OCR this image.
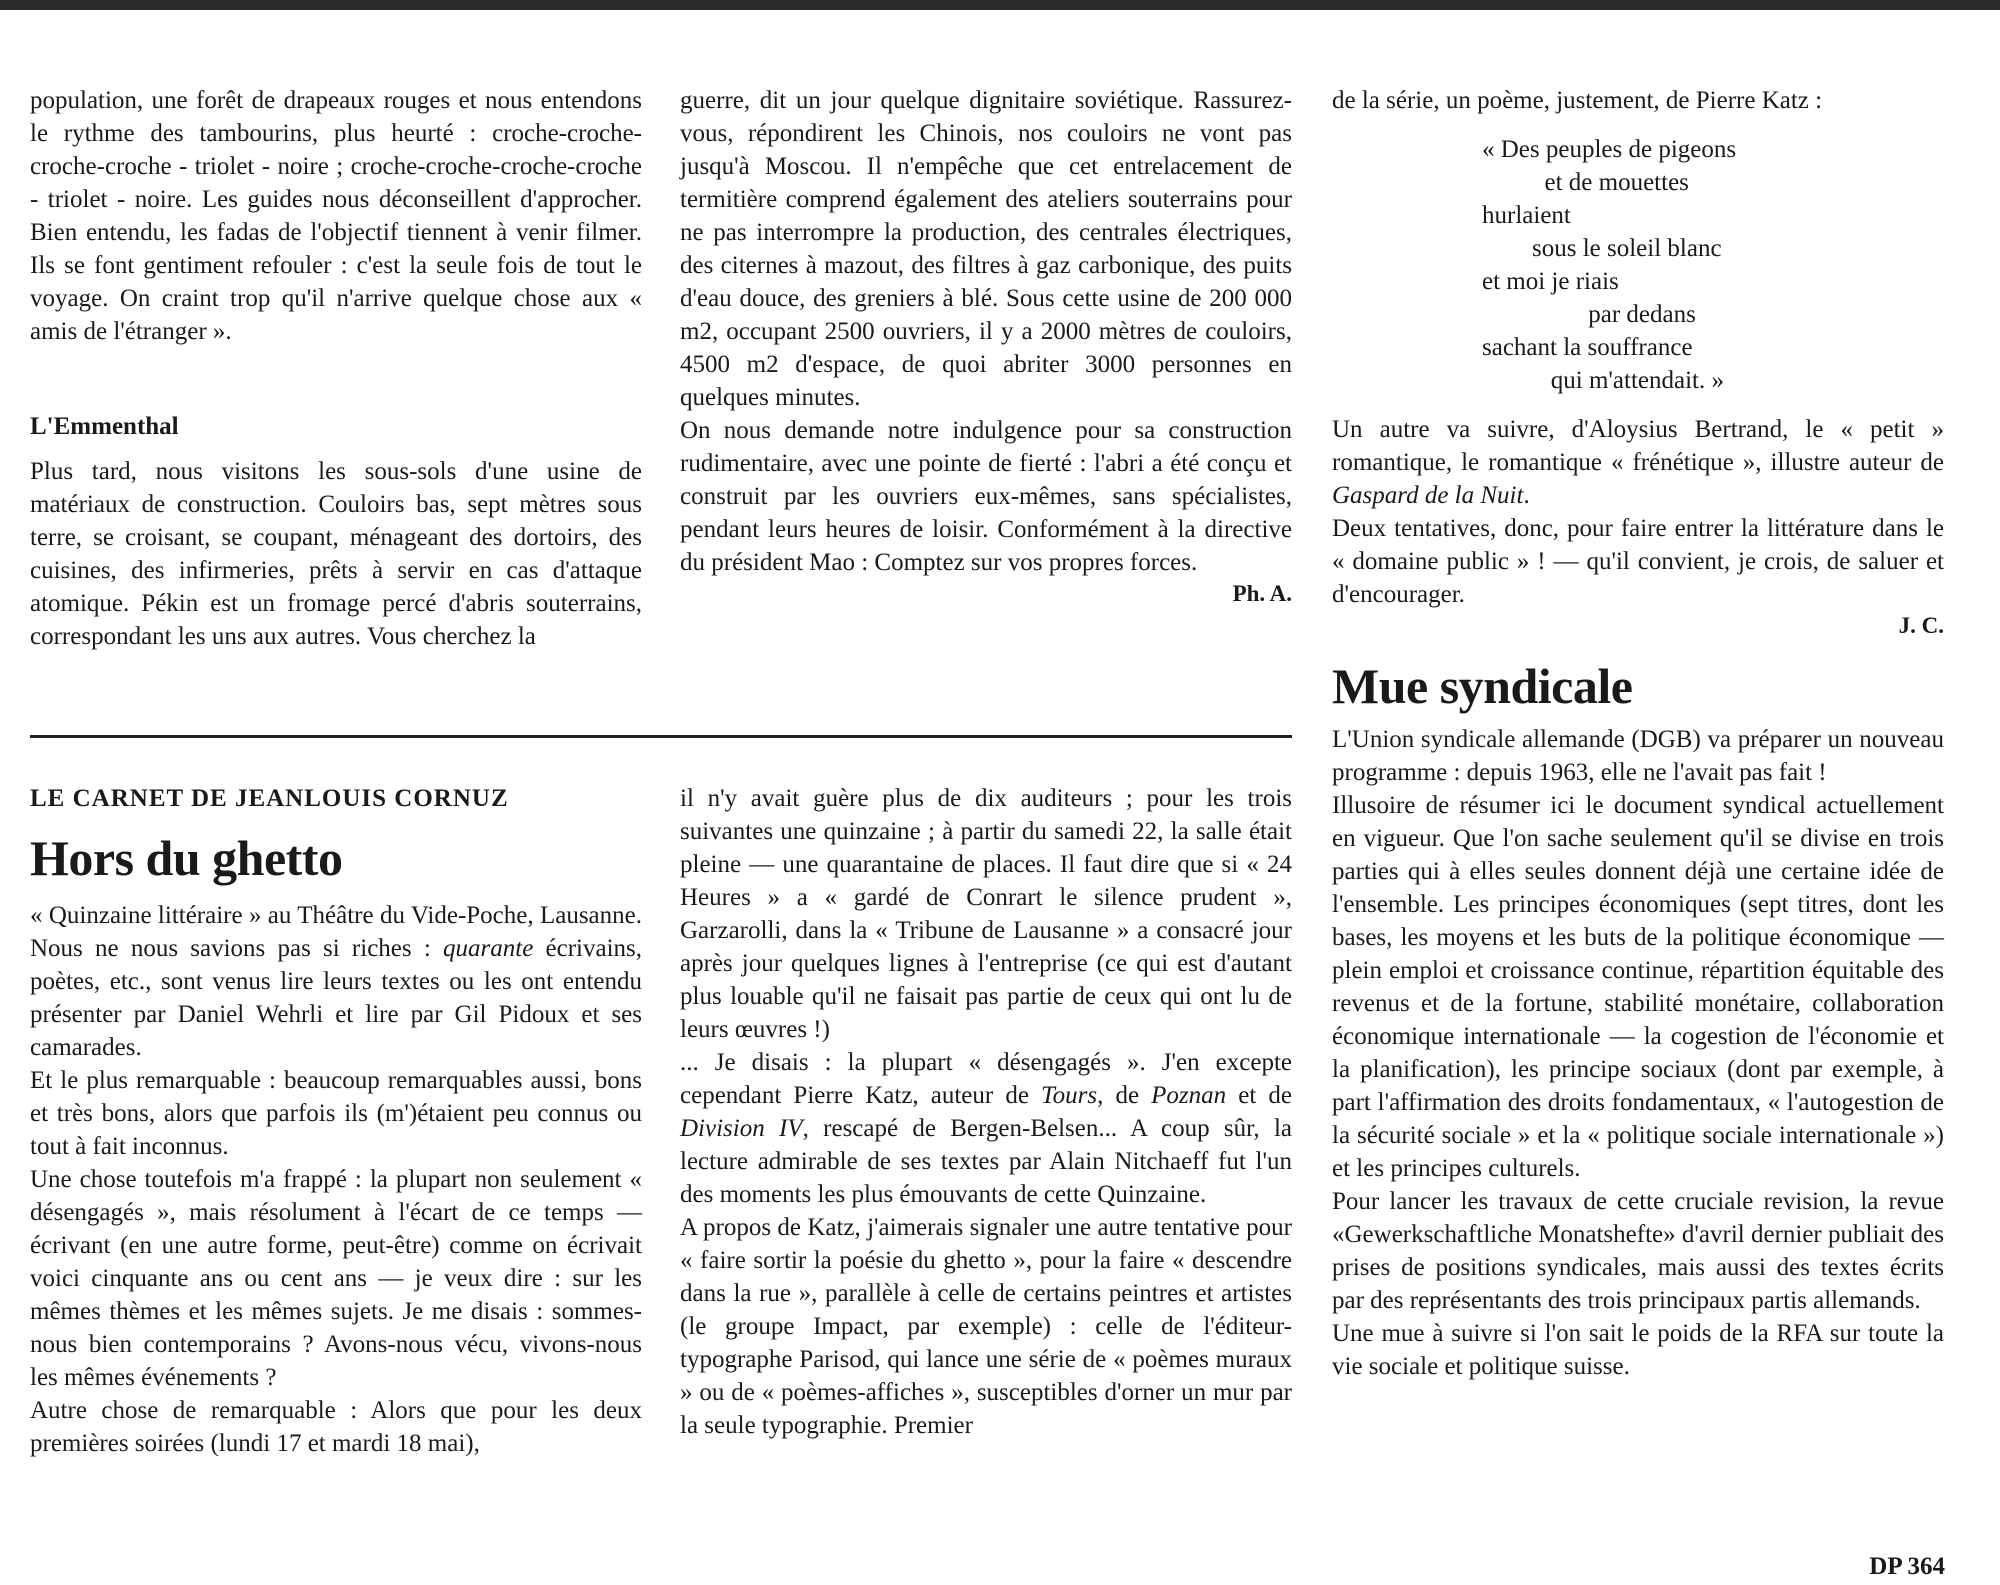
population, une forêt de drapeaux rouges et nous entendons le rythme des tambourins, plus heurté : croche-croche-croche-croche - triolet - noire ; croche-croche-croche-croche - triolet - noire. Les guides nous déconseillent d'approcher. Bien entendu, les fadas de l'objectif tiennent à venir filmer. Ils se font gentiment refouler : c'est la seule fois de tout le voyage. On craint trop qu'il n'arrive quelque chose aux « amis de l'étranger ».

L'Emmenthal

Plus tard, nous visitons les sous-sols d'une usine de matériaux de construction. Couloirs bas, sept mètres sous terre, se croisant, se coupant, ménageant des dortoirs, des cuisines, des infirmeries, prêts à servir en cas d'attaque atomique. Pékin est un fromage percé d'abris souterrains, correspondant les uns aux autres. Vous cherchez la

guerre, dit un jour quelque dignitaire soviétique. Rassurez-vous, répondirent les Chinois, nos couloirs ne vont pas jusqu'à Moscou. Il n'empêche que cet entrelacement de termitière comprend également des ateliers souterrains pour ne pas interrompre la production, des centrales électriques, des citernes à mazout, des filtres à gaz carbonique, des puits d'eau douce, des greniers à blé. Sous cette usine de 200 000 m2, occupant 2500 ouvriers, il y a 2000 mètres de couloirs, 4500 m2 d'espace, de quoi abriter 3000 personnes en quelques minutes.

On nous demande notre indulgence pour sa construction rudimentaire, avec une pointe de fierté : l'abri a été conçu et construit par les ouvriers eux-mêmes, sans spécialistes, pendant leurs heures de loisir. Conformément à la directive du président Mao : Comptez sur vos propres forces.

Ph. A.

de la série, un poème, justement, de Pierre Katz :

« Des peuples de pigeons

et de mouettes

hurlaient

sous le soleil blanc

et moi je riais

par dedans

sachant la souffrance

qui m'attendait. »

Un autre va suivre, d'Aloysius Bertrand, le « petit » romantique, le romantique « frénétique », illustre auteur de Gaspard de la Nuit.

Deux tentatives, donc, pour faire entrer la littérature dans le « domaine public » ! — qu'il convient, je crois, de saluer et d'encourager.

J. C.
Mue syndicale

L'Union syndicale allemande (DGB) va préparer un nouveau programme : depuis 1963, elle ne l'avait pas fait !

Illusoire de résumer ici le document syndical actuellement en vigueur. Que l'on sache seulement qu'il se divise en trois parties qui à elles seules donnent déjà une certaine idée de l'ensemble. Les principes économiques (sept titres, dont les bases, les moyens et les buts de la politique économique — plein emploi et croissance continue, répartition équitable des revenus et de la fortune, stabilité monétaire, collaboration économique internationale — la cogestion de l'économie et la planification), les principe sociaux (dont par exemple, à part l'affirmation des droits fondamentaux, « l'autogestion de la sécurité sociale » et la « politique sociale internationale ») et les principes culturels.

Pour lancer les travaux de cette cruciale revision, la revue «Gewerkschaftliche Monatshefte» d'avril dernier publiait des prises de positions syndicales, mais aussi des textes écrits par des représentants des trois principaux partis allemands.

Une mue à suivre si l'on sait le poids de la RFA sur toute la vie sociale et politique suisse.

LE CARNET DE JEANLOUIS CORNUZ

Hors du ghetto

« Quinzaine littéraire » au Théâtre du Vide-Poche, Lausanne. Nous ne nous savions pas si riches : quarante écrivains, poètes, etc., sont venus lire leurs textes ou les ont entendu présenter par Daniel Wehrli et lire par Gil Pidoux et ses camarades.

Et le plus remarquable : beaucoup remarquables aussi, bons et très bons, alors que parfois ils (m')étaient peu connus ou tout à fait inconnus.

Une chose toutefois m'a frappé : la plupart non seulement « désengagés », mais résolument à l'écart de ce temps — écrivant (en une autre forme, peut-être) comme on écrivait voici cinquante ans ou cent ans — je veux dire : sur les mêmes thèmes et les mêmes sujets. Je me disais : sommes-nous bien contemporains ? Avons-nous vécu, vivons-nous les mêmes événements ?

Autre chose de remarquable : Alors que pour les deux premières soirées (lundi 17 et mardi 18 mai),

il n'y avait guère plus de dix auditeurs ; pour les trois suivantes une quinzaine ; à partir du samedi 22, la salle était pleine — une quarantaine de places. Il faut dire que si « 24 Heures » a « gardé de Conrart le silence prudent », Garzarolli, dans la « Tribune de Lausanne » a consacré jour après jour quelques lignes à l'entreprise (ce qui est d'autant plus louable qu'il ne faisait pas partie de ceux qui ont lu de leurs œuvres !)

... Je disais : la plupart « désengagés ». J'en excepte cependant Pierre Katz, auteur de Tours, de Poznan et de Division IV, rescapé de Bergen-Belsen... A coup sûr, la lecture admirable de ses textes par Alain Nitchaeff fut l'un des moments les plus émouvants de cette Quinzaine.

A propos de Katz, j'aimerais signaler une autre tentative pour « faire sortir la poésie du ghetto », pour la faire « descendre dans la rue », parallèle à celle de certains peintres et artistes (le groupe Impact, par exemple) : celle de l'éditeur-typographe Parisod, qui lance une série de « poèmes muraux » ou de « poèmes-affiches », susceptibles d'orner un mur par la seule typographie. Premier

DP 364
